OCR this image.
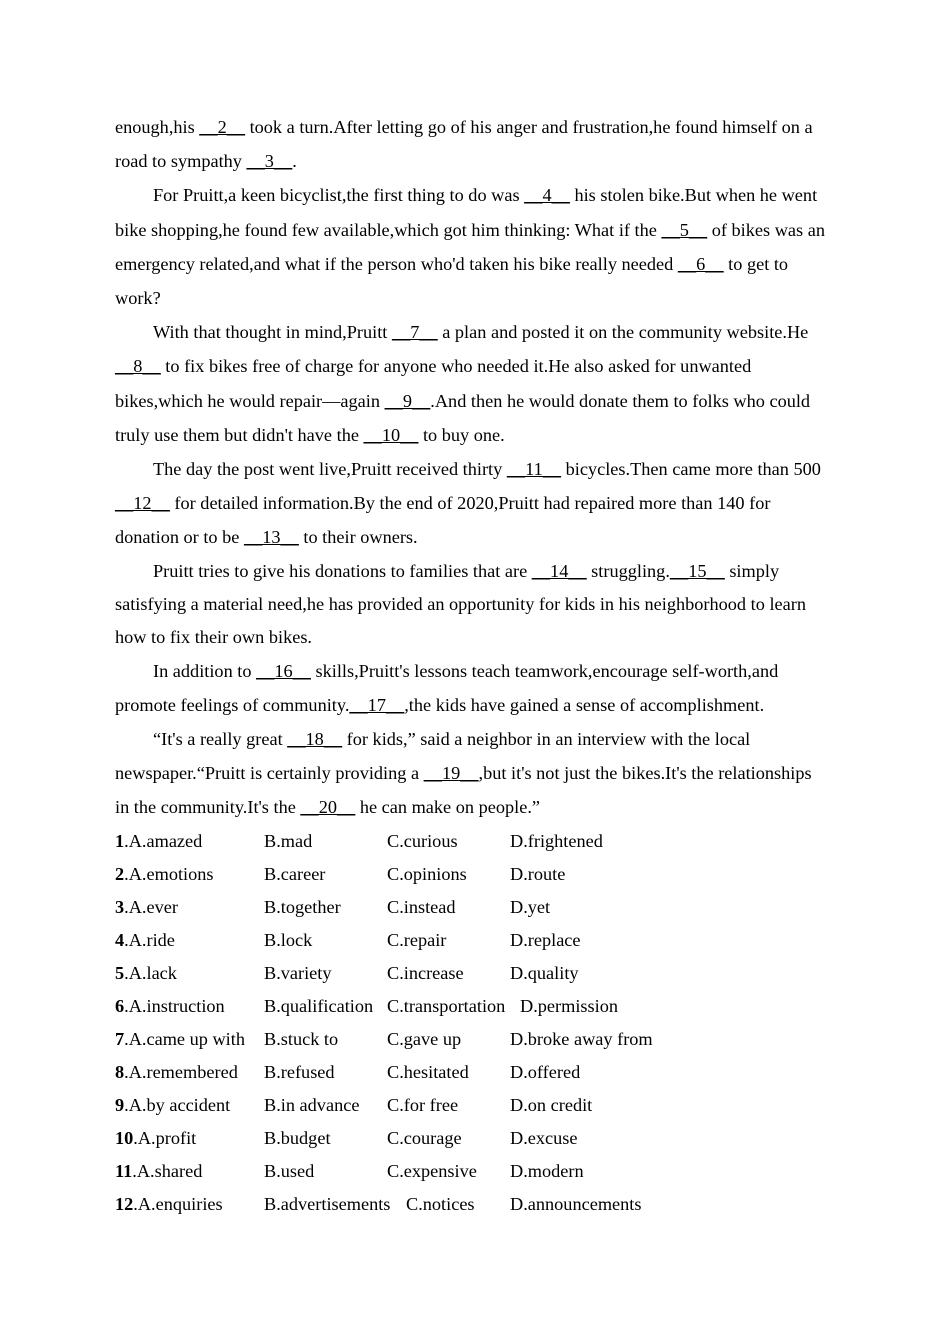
enough,his __2__ took a turn.After letting go of his anger and frustration,he found himself on a road to sympathy __3__.

For Pruitt,a keen bicyclist,the first thing to do was __4__ his stolen bike.But when he went bike shopping,he found few available,which got him thinking: What if the __5__ of bikes was an emergency related,and what if the person who'd taken his bike really needed __6__ to get to work?

With that thought in mind,Pruitt __7__ a plan and posted it on the community website.He __8__ to fix bikes free of charge for anyone who needed it.He also asked for unwanted bikes,which he would repair—again __9__.And then he would donate them to folks who could truly use them but didn't have the __10__ to buy one.

The day the post went live,Pruitt received thirty __11__ bicycles.Then came more than 500 __12__ for detailed information.By the end of 2020,Pruitt had repaired more than 140 for donation or to be __13__ to their owners.

Pruitt tries to give his donations to families that are __14__ struggling.__15__ simply satisfying a material need,he has provided an opportunity for kids in his neighborhood to learn how to fix their own bikes.

In addition to __16__ skills,Pruitt's lessons teach teamwork,encourage self-worth,and promote feelings of community.__17__,the kids have gained a sense of accomplishment.

“It's a really great __18__ for kids,” said a neighbor in an interview with the local newspaper.“Pruitt is certainly providing a __19__,but it's not just the bikes.It's the relationships in the community.It's the __20__ he can make on people.”

1.A.amazed	B.mad	C.curious	D.frightened
2.A.emotions	B.career	C.opinions D.route
3.A.ever	B.together	C.instead	D.yet
4.A.ride	B.lock	C.repair	D.replace
5.A.lack	B.variety	C.increase	D.quality
6.A.instruction B.qualification C.transportation D.permission
7.A.came up with B.stuck to	C.gave up	D.broke away from
8.A.remembered B.refused	C.hesitated D.offered
9.A.by accident B.in advance C.for free	D.on credit
10.A.profit	B.budget	C.courage	D.excuse
11.A.shared	B.used	C.expensive D.modern
12.A.enquiries B.advertisements C.notices D.announcements
